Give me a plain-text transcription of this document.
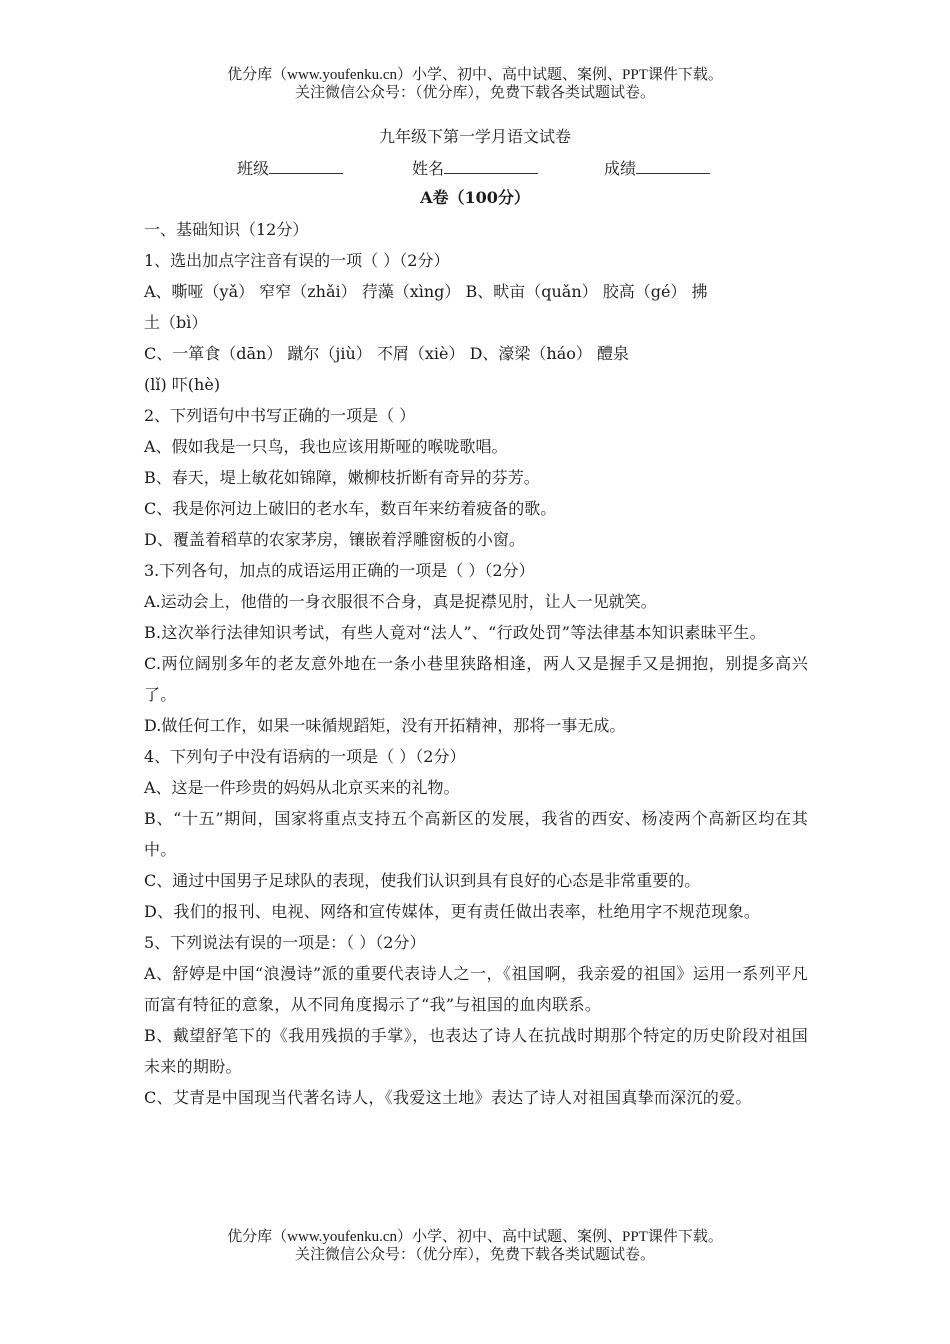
优分库（www.youfenku.cn）小学、初中、高中试题、案例、PPT课件下载。
关注微信公众号：（优分库），免费下载各类试题试卷。
九年级下第一学月语文试卷
班级	姓名	成绩
A卷（100分）
一、基础知识（12分）
1、选出加点字注音有误的一项（ ）（2分）
A、嘶哑（yǎ） 窄窄（zhǎi） 荇藻（xìng） B、畎亩（quǎn） 胶高（gé） 拂
土（bì）
C、一箪食（dān） 蹴尔（jiù） 不屑（xiè） D、濠梁（háo） 醴泉
(lǐ) 吓(hè)
2、下列语句中书写正确的一项是（ ）
A、假如我是一只鸟，我也应该用斯哑的喉咙歌唱。
B、春天，堤上敏花如锦障，嫩柳枝折断有奇异的芬芳。
C、我是你河边上破旧的老水车，数百年来纺着疲备的歌。
D、覆盖着稻草的农家茅房，镶嵌着浮雕窗板的小窗。
3.下列各句，加点的成语运用正确的一项是（ ）（2分）
A.运动会上，他借的一身衣服很不合身，真是捉襟见肘，让人一见就笑。
B.这次举行法律知识考试，有些人竟对“法人”、“行政处罚”等法律基本知识素昧平生。
C.两位阔别多年的老友意外地在一条小巷里狭路相逢，两人又是握手又是拥抱，别提多高兴了。
D.做任何工作，如果一味循规蹈矩，没有开拓精神，那将一事无成。
4、下列句子中没有语病的一项是（ ）（2分）
A、这是一件珍贵的妈妈从北京买来的礼物。
B、“十五”期间，国家将重点支持五个高新区的发展，我省的西安、杨凌两个高新区均在其中。
C、通过中国男子足球队的表现，使我们认识到具有良好的心态是非常重要的。
D、我们的报刊、电视、网络和宣传媒体，更有责任做出表率，杜绝用字不规范现象。
5、下列说法有误的一项是：（ ）（2分）
A、舒婷是中国“浪漫诗”派的重要代表诗人之一，《祖国啊，我亲爱的祖国》运用一系列平凡而富有特征的意象，从不同角度揭示了“我”与祖国的血肉联系。
B、戴望舒笔下的《我用残损的手掌》，也表达了诗人在抗战时期那个特定的历史阶段对祖国未来的期盼。
C、艾青是中国现当代著名诗人，《我爱这土地》表达了诗人对祖国真挚而深沉的爱。
优分库（www.youfenku.cn）小学、初中、高中试题、案例、PPT课件下载。
关注微信公众号：（优分库），免费下载各类试题试卷。
